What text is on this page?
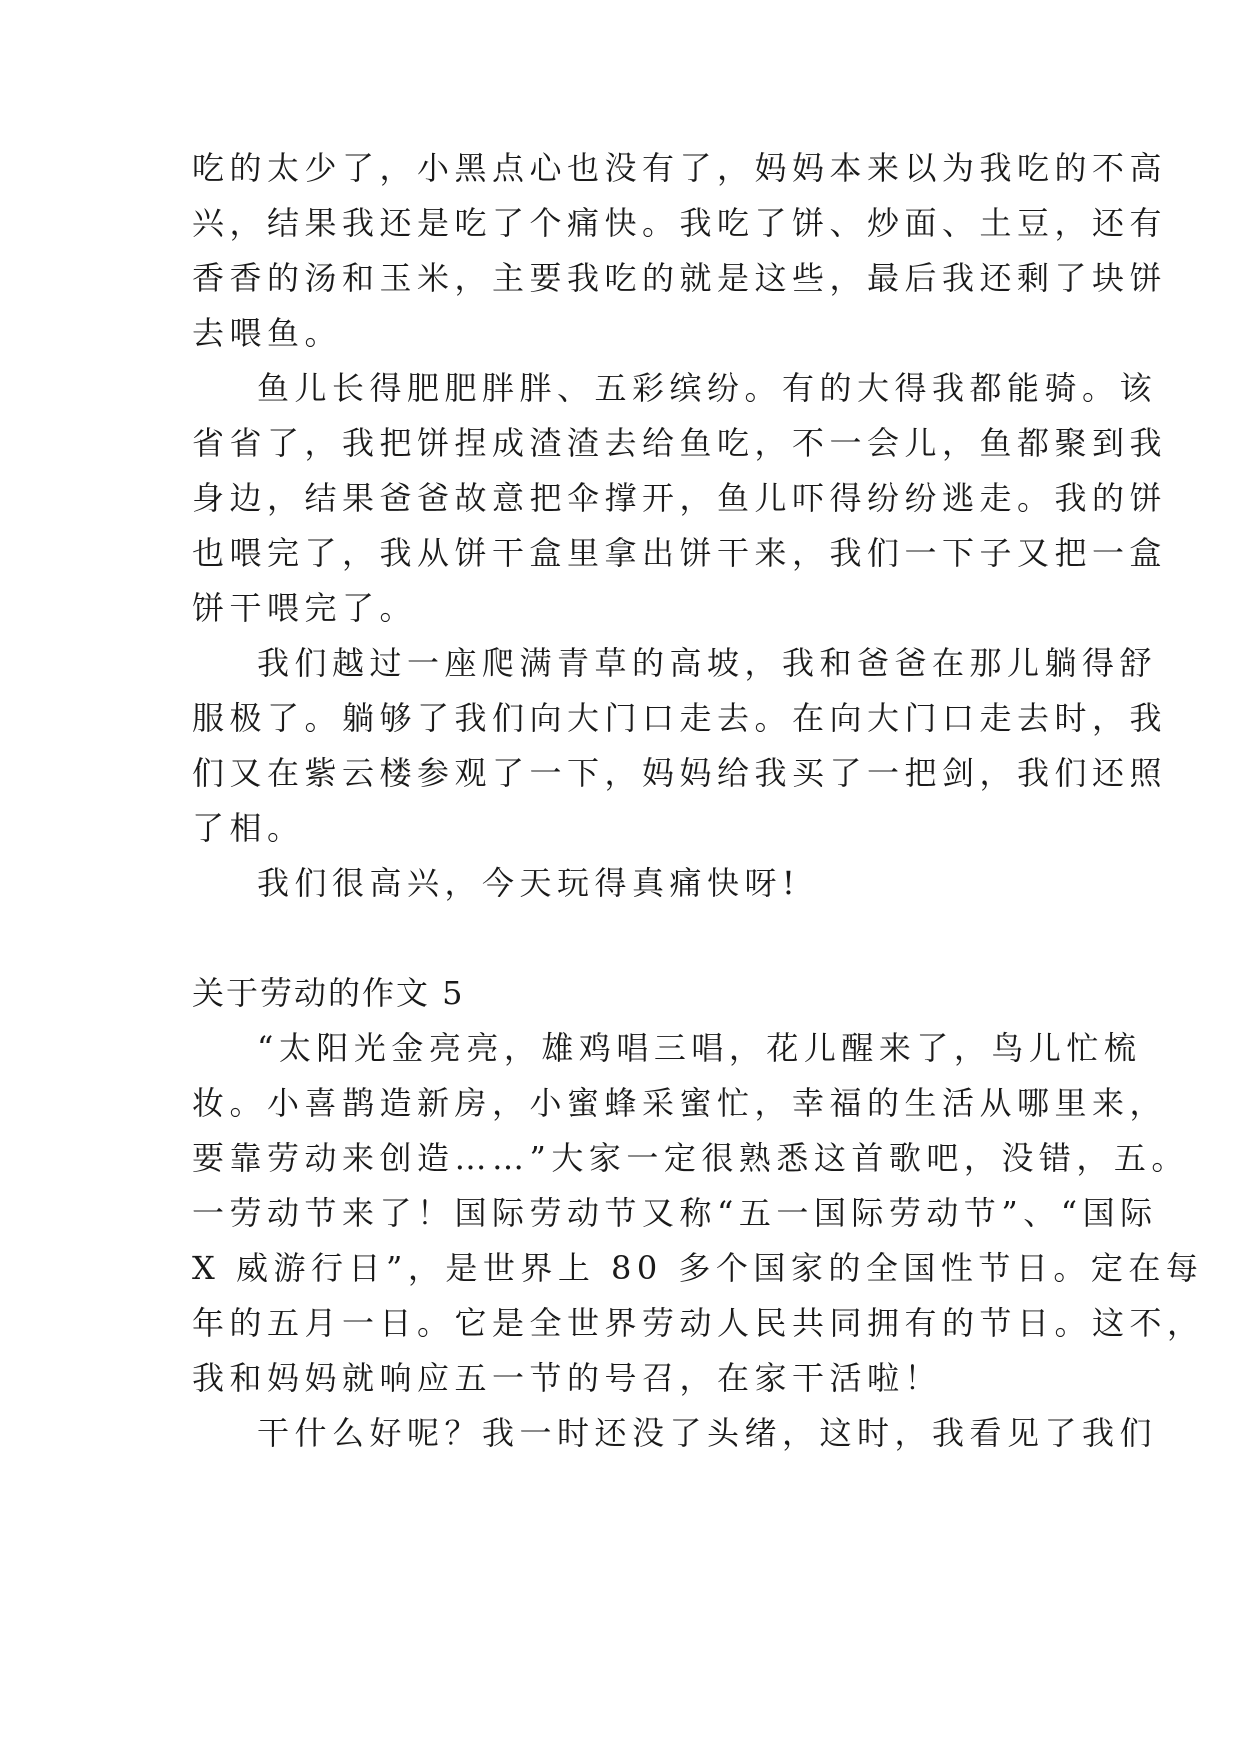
吃的太少了，小黑点心也没有了，妈妈本来以为我吃的不高
兴，结果我还是吃了个痛快。我吃了饼、炒面、土豆，还有
香香的汤和玉米，主要我吃的就是这些，最后我还剩了块饼
去喂鱼。
鱼儿长得肥肥胖胖、五彩缤纷。有的大得我都能骑。该
省省了，我把饼捏成渣渣去给鱼吃，不一会儿，鱼都聚到我
身边，结果爸爸故意把伞撑开，鱼儿吓得纷纷逃走。我的饼
也喂完了，我从饼干盒里拿出饼干来，我们一下子又把一盒
饼干喂完了。
我们越过一座爬满青草的高坡，我和爸爸在那儿躺得舒
服极了。躺够了我们向大门口走去。在向大门口走去时，我
们又在紫云楼参观了一下，妈妈给我买了一把剑，我们还照
了相。
我们很高兴，今天玩得真痛快呀!
关于劳动的作文 5
“太阳光金亮亮，雄鸡唱三唱，花儿醒来了，鸟儿忙梳
妆。小喜鹊造新房，小蜜蜂采蜜忙，幸福的生活从哪里来，
要靠劳动来创造……”大家一定很熟悉这首歌吧，没错，五。
一劳动节来了！国际劳动节又称“五一国际劳动节”、“国际
X 威游行日”，是世界上 80 多个国家的全国性节日。定在每
年的五月一日。它是全世界劳动人民共同拥有的节日。这不，
我和妈妈就响应五一节的号召，在家干活啦！
干什么好呢？我一时还没了头绪，这时，我看见了我们
